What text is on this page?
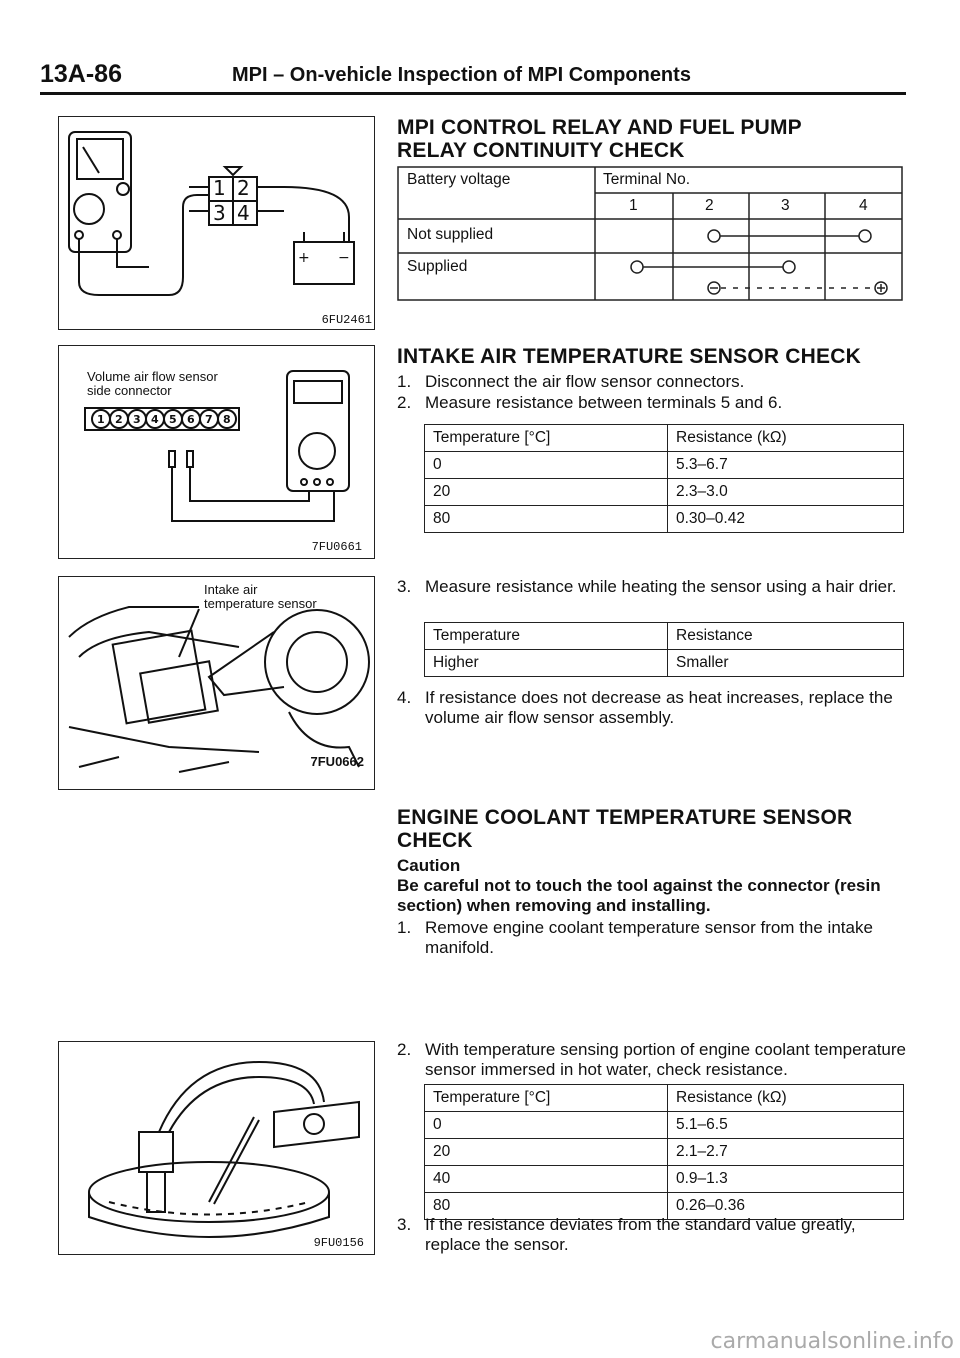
13A-86	MPI – On-vehicle Inspection of MPI Components
1 2
3 4
+ −
6FU2461
MPI CONTROL RELAY AND FUEL PUMP RELAY CONTINUITY CHECK
Battery voltage	Terminal No.
1	2	3	4
Not supplied
Supplied
Volume air flow sensor
side connector
1 2 3 4 5 6 7 8
7FU0661
Intake air
temperature sensor
7FU0662
INTAKE AIR TEMPERATURE SENSOR CHECK
1. Disconnect the air flow sensor connectors.
2. Measure resistance between terminals 5 and 6.
Temperature [°C]	Resistance (kΩ)
0	5.3–6.7
20	2.3–3.0
80	0.30–0.42
3. Measure resistance while heating the sensor using a hair drier.
Temperature	Resistance
Higher	Smaller
4. If resistance does not decrease as heat increases, replace the volume air flow sensor assembly.
ENGINE COOLANT TEMPERATURE SENSOR CHECK
Caution
Be careful not to touch the tool against the connector (resin section) when removing and installing.
1. Remove engine coolant temperature sensor from the intake manifold.
9FU0156
2. With temperature sensing portion of engine coolant temperature sensor immersed in hot water, check resistance.
Temperature [°C]	Resistance (kΩ)
0	5.1–6.5
20	2.1–2.7
40	0.9–1.3
80	0.26–0.36
3. If the resistance deviates from the standard value greatly, replace the sensor.
carmanualsonline.info
